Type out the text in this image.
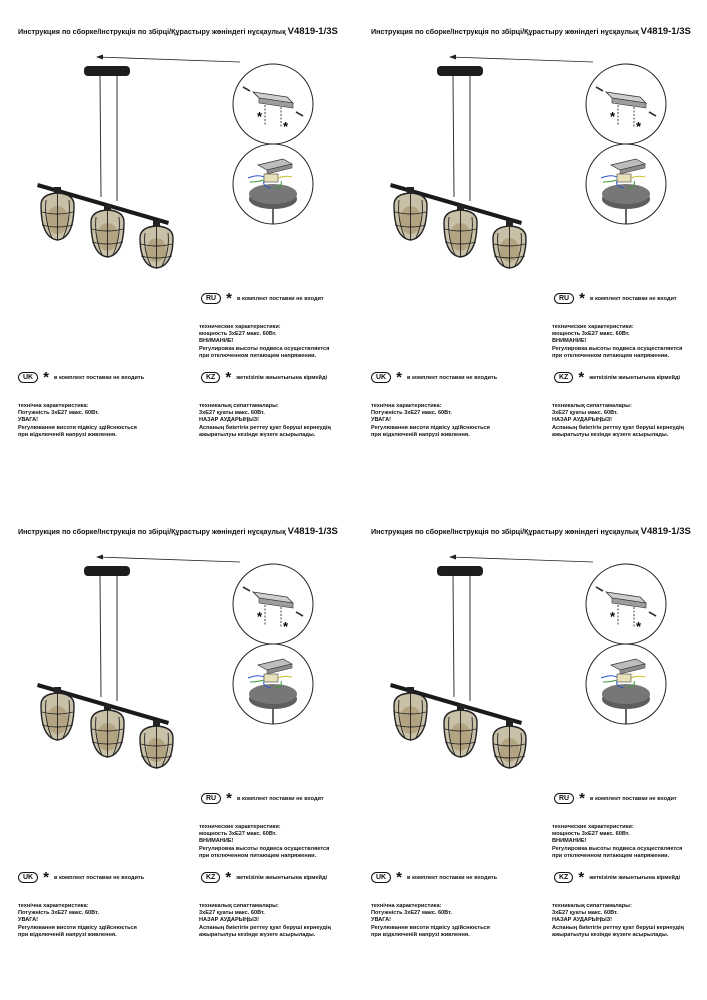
Инструкция по сборке/Інструкція по збірці/Құрастыру жөніндегі нұсқаулық V4819-1/3S
*
*
RU * в комплект поставки не входит
технические характеристики:
мощность 3хЕ27 макс. 60Вт.
ВНИМАНИЕ!
Регулировка высоты подвеса осуществляется
при отключенном питающем напряжении.
UK * в комплект поставки не входить	KZ * жеткізілім жиынтығына кірмейді
технічна характеристика:
Потужність 3хЕ27 макс. 60Вт.
УВАГА!
Регулювання висоти підвісу здійснюється
при відключеній напрузі живлення.
техникалық сипаттамалары:
3хЕ27 қуаты макс. 60Вт.
НАЗАР АУДАРЫҢЫЗ!
Аспаның биіктігін реттеу қуат беруші кернеудің
ажыратылуы кезінде жүзеге асырылады.
Инструкция по сборке/Інструкція по збірці/Құрастыру жөніндегі нұсқаулық V4819-1/3S
*
*
RU * в комплект поставки не входит
технические характеристики:
мощность 3хЕ27 макс. 60Вт.
ВНИМАНИЕ!
Регулировка высоты подвеса осуществляется
при отключенном питающем напряжении.
UK * в комплект поставки не входить	KZ * жеткізілім жиынтығына кірмейді
технічна характеристика:
Потужність 3хЕ27 макс. 60Вт.
УВАГА!
Регулювання висоти підвісу здійснюється
при відключеній напрузі живлення.
техникалық сипаттамалары:
3хЕ27 қуаты макс. 60Вт.
НАЗАР АУДАРЫҢЫЗ!
Аспаның биіктігін реттеу қуат беруші кернеудің
ажыратылуы кезінде жүзеге асырылады.
Инструкция по сборке/Інструкція по збірці/Құрастыру жөніндегі нұсқаулық V4819-1/3S
*
*
RU * в комплект поставки не входит
технические характеристики:
мощность 3хЕ27 макс. 60Вт.
ВНИМАНИЕ!
Регулировка высоты подвеса осуществляется
при отключенном питающем напряжении.
UK * в комплект поставки не входить	KZ * жеткізілім жиынтығына кірмейді
технічна характеристика:
Потужність 3хЕ27 макс. 60Вт.
УВАГА!
Регулювання висоти підвісу здійснюється
при відключеній напрузі живлення.
техникалық сипаттамалары:
3хЕ27 қуаты макс. 60Вт.
НАЗАР АУДАРЫҢЫЗ!
Аспаның биіктігін реттеу қуат беруші кернеудің
ажыратылуы кезінде жүзеге асырылады.
Инструкция по сборке/Інструкція по збірці/Құрастыру жөніндегі нұсқаулық V4819-1/3S
*
*
RU * в комплект поставки не входит
технические характеристики:
мощность 3хЕ27 макс. 60Вт.
ВНИМАНИЕ!
Регулировка высоты подвеса осуществляется
при отключенном питающем напряжении.
UK * в комплект поставки не входить	KZ * жеткізілім жиынтығына кірмейді
технічна характеристика:
Потужність 3хЕ27 макс. 60Вт.
УВАГА!
Регулювання висоти підвісу здійснюється
при відключеній напрузі живлення.
техникалық сипаттамалары:
3хЕ27 қуаты макс. 60Вт.
НАЗАР АУДАРЫҢЫЗ!
Аспаның биіктігін реттеу қуат беруші кернеудің
ажыратылуы кезінде жүзеге асырылады.
